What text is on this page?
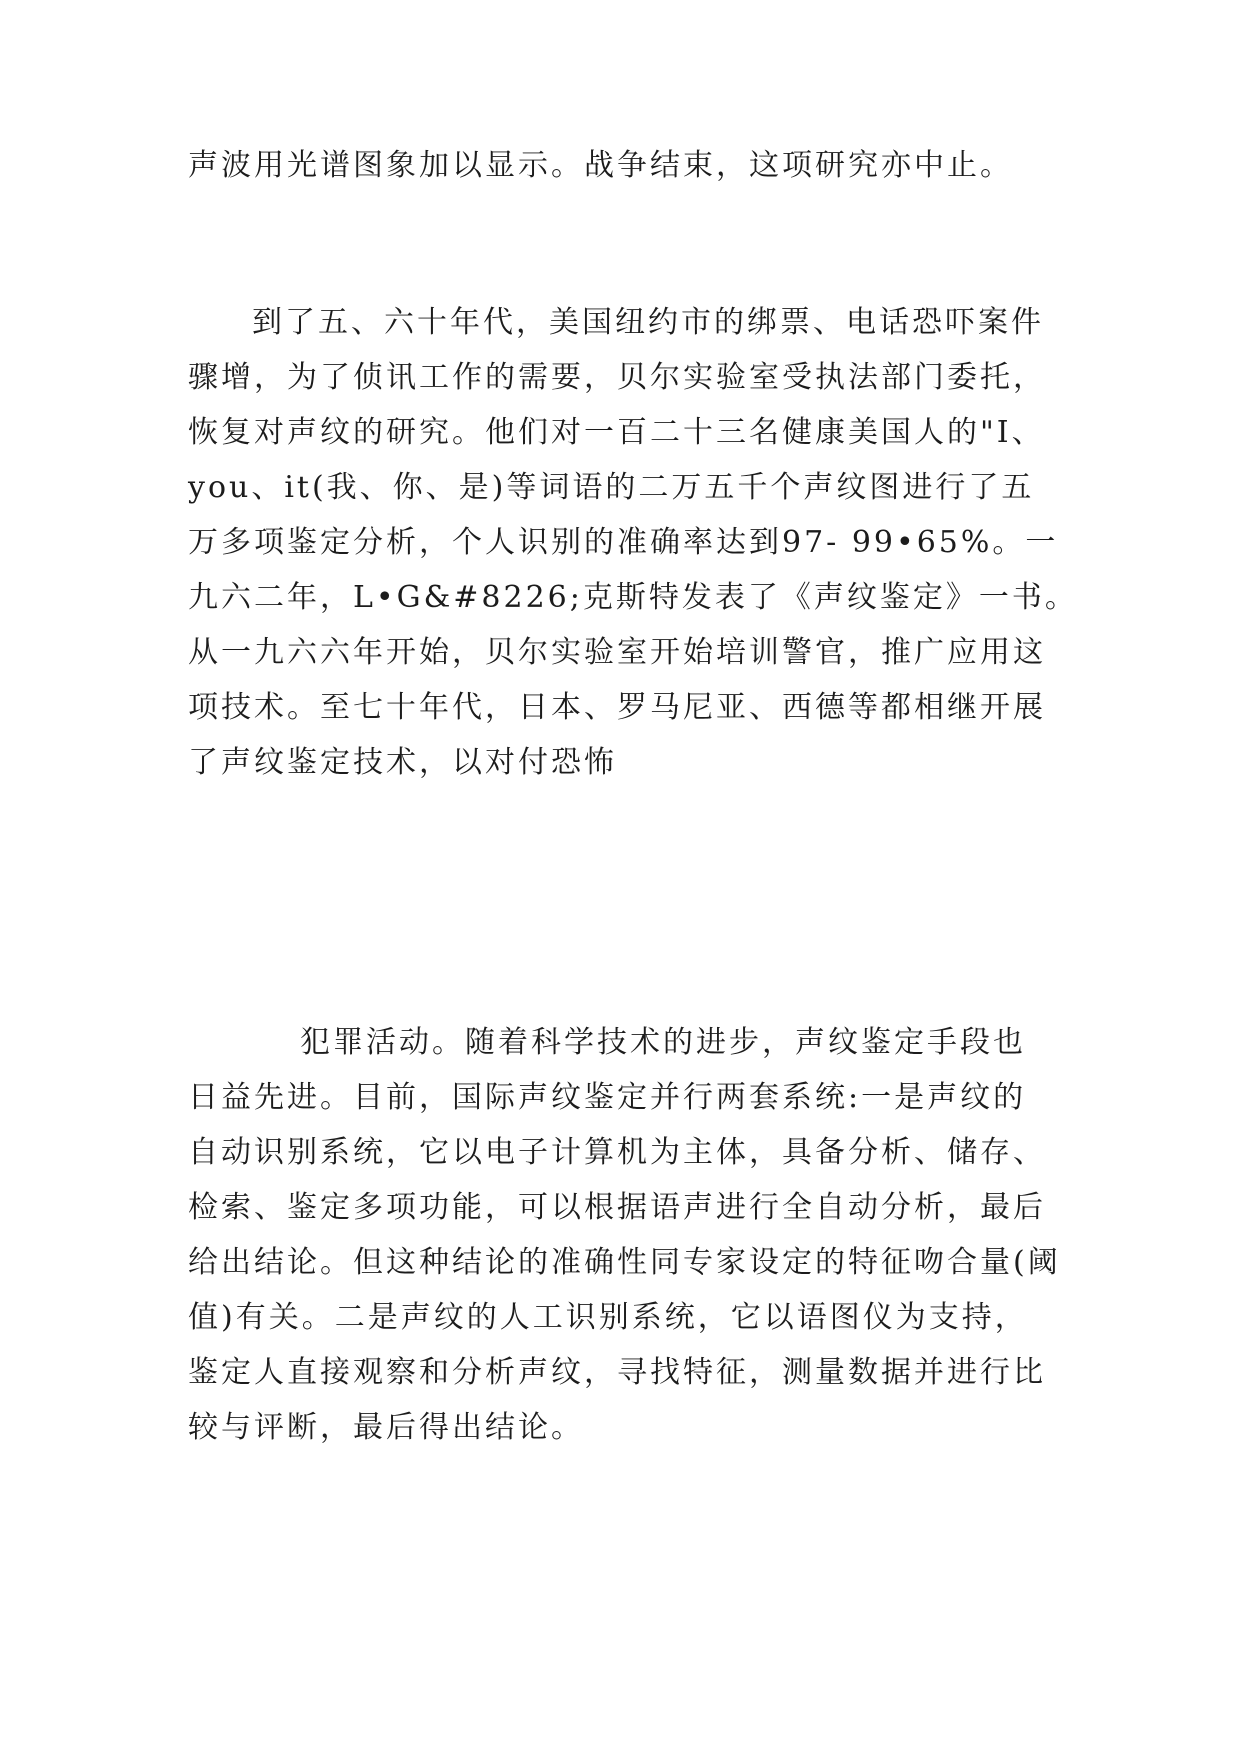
声波用光谱图象加以显示。战争结束，这项研究亦中止。
到了五、六十年代，美国纽约市的绑票、电话恐吓案件
骤增，为了侦讯工作的需要，贝尔实验室受执法部门委托，
恢复对声纹的研究。他们对一百二十三名健康美国人的"I、
you、it(我、你、是)等词语的二万五千个声纹图进行了五
万多项鉴定分析，个人识别的准确率达到97- 99•65%。一
九六二年，L•G&#8226;克斯特发表了《声纹鉴定》一书。
从一九六六年开始，贝尔实验室开始培训警官，推广应用这
项技术。至七十年代，日本、罗马尼亚、西德等都相继开展
了声纹鉴定技术，以对付恐怖
犯罪活动。随着科学技术的进步，声纹鉴定手段也
日益先进。目前，国际声纹鉴定并行两套系统:一是声纹的
自动识别系统，它以电子计算机为主体，具备分析、储存、
检索、鉴定多项功能，可以根据语声进行全自动分析，最后
给出结论。但这种结论的准确性同专家设定的特征吻合量(阈
值)有关。二是声纹的人工识别系统，它以语图仪为支持，
鉴定人直接观察和分析声纹，寻找特征，测量数据并进行比
较与评断，最后得出结论。
